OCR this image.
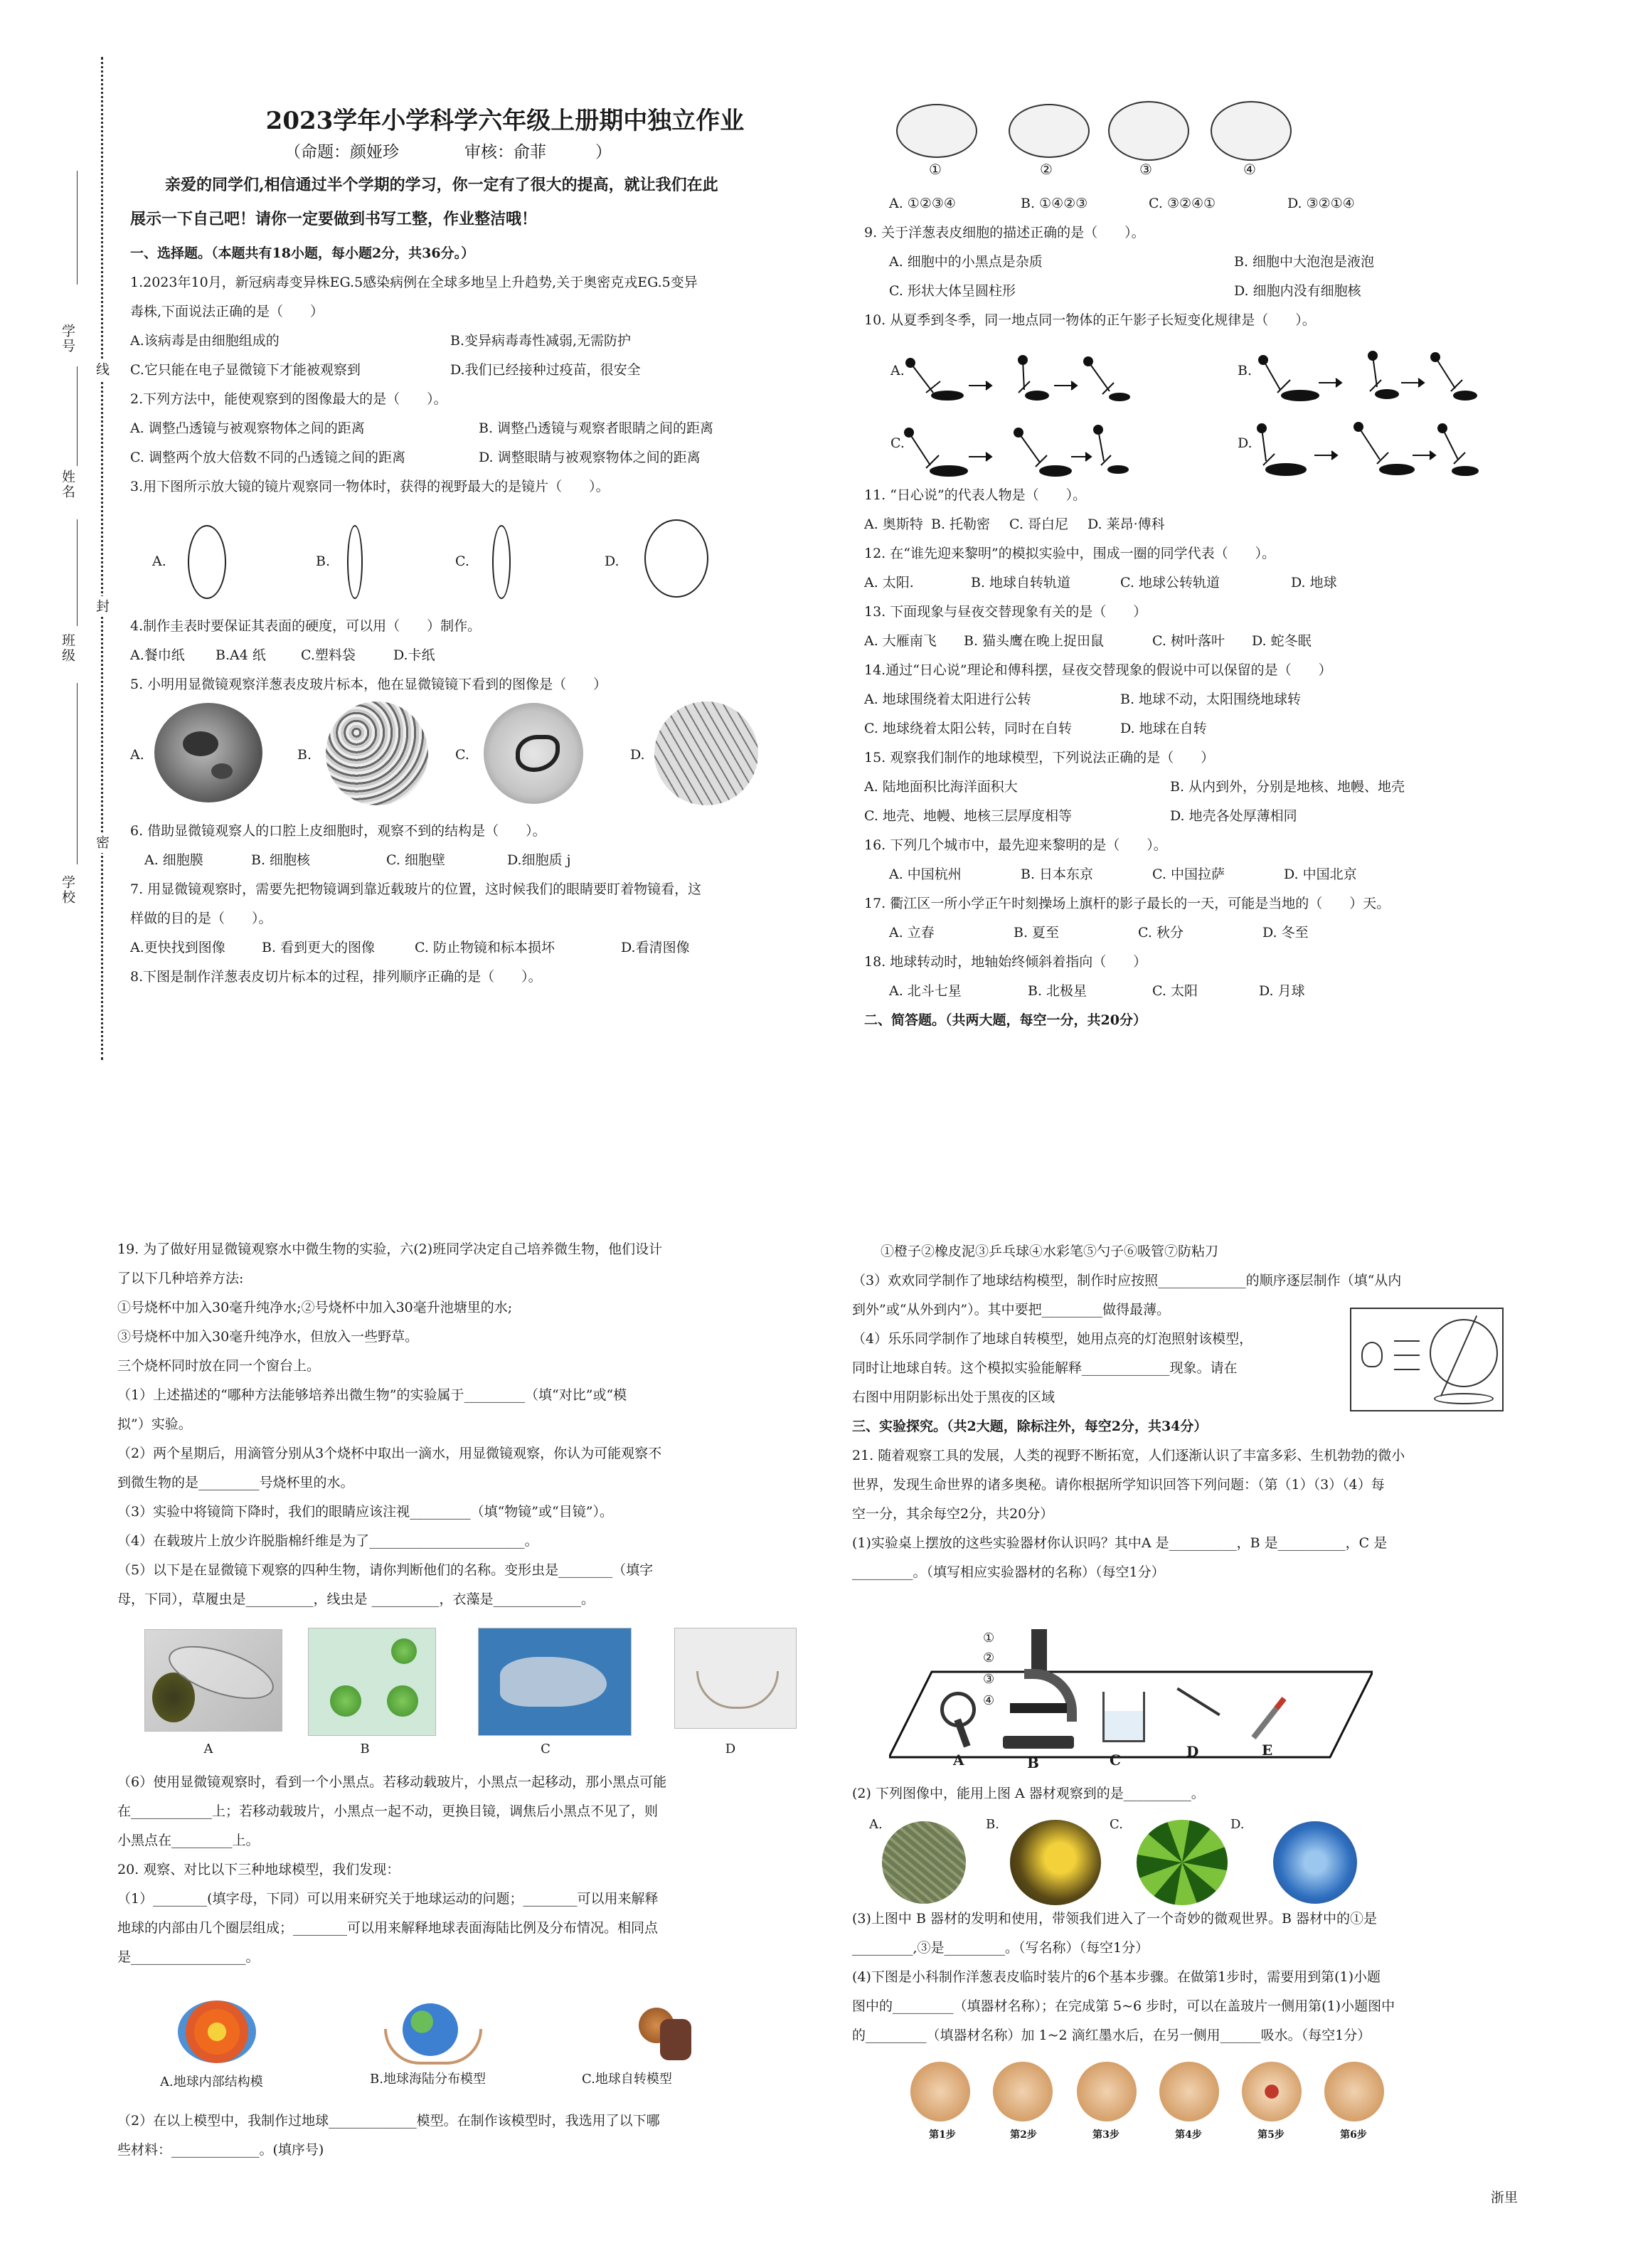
线
封
密
学号
姓名
班级
学校
2023学年小学科学六年级上册期中独立作业
（命题：颜娅珍　　　　审核：俞菲　　　）
亲爱的同学们,相信通过半个学期的学习，你一定有了很大的提高，就让我们在此
展示一下自己吧！请你一定要做到书写工整，作业整洁哦！
一、选择题。（本题共有18小题，每小题2分，共36分。）
1.2023年10月，新冠病毒变异株EG.5感染病例在全球多地呈上升趋势,关于奥密克戎EG.5变异
毒株,下面说法正确的是（　　）
A.该病毒是由细胞组成的	B.变异病毒毒性减弱,无需防护
C.它只能在电子显微镜下才能被观察到	D.我们已经接种过疫苗，很安全
2.下列方法中，能使观察到的图像最大的是（　　）。
A. 调整凸透镜与被观察物体之间的距离	B. 调整凸透镜与观察者眼睛之间的距离
C. 调整两个放大倍数不同的凸透镜之间的距离	D. 调整眼睛与被观察物体之间的距离
3.用下图所示放大镜的镜片观察同一物体时，获得的视野最大的是镜片（　　）。
A.	B.	C.	D.
4.制作圭表时要保证其表面的硬度，可以用（　　）制作。
A.餐巾纸 B.A4 纸	C.塑料袋	D.卡纸
5. 小明用显微镜观察洋葱表皮玻片标本，他在显微镜镜下看到的图像是（　　）
A.	B.	C.	D.
6. 借助显微镜观察人的口腔上皮细胞时，观察不到的结构是（　　）。
A. 细胞膜	B. 细胞核	C. 细胞壁	D.细胞质 j
7. 用显微镜观察时，需要先把物镜调到靠近载玻片的位置，这时候我们的眼睛要盯着物镜看，这
样做的目的是（　　）。
A.更快找到图像	B. 看到更大的图像	C. 防止物镜和标本损坏	D.看清图像
8.下图是制作洋葱表皮切片标本的过程，排列顺序正确的是（　　）。
①	②	③	④
A. ①②③④	B. ①④②③	C. ③②④①	D. ③②①④
9. 关于洋葱表皮细胞的描述正确的是（　　）。
A. 细胞中的小黑点是杂质	B. 细胞中大泡泡是液泡
C. 形状大体呈圆柱形	D. 细胞内没有细胞核
10. 从夏季到冬季，同一地点同一物体的正午影子长短变化规律是（　　）。
A.	B.
C.	D.
11. “日心说”的代表人物是（　　）。
A. 奥斯特 B. 托勒密 C. 哥白尼 D. 莱昂·傅科
12. 在“谁先迎来黎明”的模拟实验中，围成一圈的同学代表（　　）。
A. 太阳.	B. 地球自转轨道	C. 地球公转轨道	D. 地球
13. 下面现象与昼夜交替现象有关的是（　　）
A. 大雁南飞 B. 猫头鹰在晚上捉田鼠	C. 树叶落叶 D. 蛇冬眠
14.通过“日心说”理论和傅科摆，昼夜交替现象的假说中可以保留的是（　　）
A. 地球围绕着太阳进行公转	B. 地球不动，太阳围绕地球转
C. 地球绕着太阳公转，同时在自转	D. 地球在自转
15. 观察我们制作的地球模型，下列说法正确的是（　　）
A. 陆地面积比海洋面积大	B. 从内到外，分别是地核、地幔、地壳
C. 地壳、地幔、地核三层厚度相等	D. 地壳各处厚薄相同
16. 下列几个城市中，最先迎来黎明的是（　　）。
A. 中国杭州	B. 日本东京	C. 中国拉萨	D. 中国北京
17. 衢江区一所小学正午时刻操场上旗杆的影子最长的一天，可能是当地的（　　）天。
A. 立春	B. 夏至	C. 秋分	D. 冬至
18. 地球转动时，地轴始终倾斜着指向（　　）
A. 北斗七星	B. 北极星	C. 太阳	D. 月球
二、简答题。（共两大题，每空一分，共20分）
19. 为了做好用显微镜观察水中微生物的实验，六(2)班同学决定自己培养微生物，他们设计
了以下几种培养方法:
①号烧杯中加入30毫升纯净水;②号烧杯中加入30毫升池塘里的水;
③号烧杯中加入30毫升纯净水，但放入一些野草。
三个烧杯同时放在同一个窗台上。
（1）上述描述的“哪种方法能够培养出微生物”的实验属于_________（填“对比”或“模
拟”）实验。
（2）两个星期后，用滴管分别从3个烧杯中取出一滴水，用显微镜观察，你认为可能观察不
到微生物的是_________号烧杯里的水。
（3）实验中将镜筒下降时，我们的眼睛应该注视_________（填“物镜”或“目镜”）。
（4）在载玻片上放少许脱脂棉纤维是为了_______________________。
（5）以下是在显微镜下观察的四种生物，请你判断他们的名称。变形虫是________（填字
母，下同），草履虫是__________，线虫是 __________，衣藻是_____________。
A	B	C	D
（6）使用显微镜观察时，看到一个小黑点。若移动载玻片，小黑点一起移动，那小黑点可能
在____________上；若移动载玻片，小黑点一起不动，更换目镜，调焦后小黑点不见了，则
小黑点在_________上。
20. 观察、对比以下三种地球模型，我们发现：
（1）________(填字母，下同）可以用来研究关于地球运动的问题；________可以用来解释
地球的内部由几个圈层组成；________可以用来解释地球表面海陆比例及分布情况。相同点
是_________________。
A.地球内部结构模	B.地球海陆分布模型	C.地球自转模型
（2）在以上模型中，我制作过地球_____________模型。在制作该模型时，我选用了以下哪
些材料：_____________。(填序号)
①橙子②橡皮泥③乒乓球④水彩笔⑤勺子⑥吸管⑦防粘刀
（3）欢欢同学制作了地球结构模型，制作时应按照_____________的顺序逐层制作（填“从内
到外”或“从外到内”）。其中要把_________做得最薄。
（4）乐乐同学制作了地球自转模型，她用点亮的灯泡照射该模型，
同时让地球自转。这个模拟实验能解释_____________现象。请在
右图中用阴影标出处于黑夜的区域
三、实验探究。（共2大题，除标注外，每空2分，共34分）
21. 随着观察工具的发展，人类的视野不断拓宽，人们逐渐认识了丰富多彩、生机勃勃的微小
世界，发现生命世界的诸多奥秘。请你根据所学知识回答下列问题：（第（1）（3）（4）每
空一分，其余每空2分，共20分）
(1)实验桌上摆放的这些实验器材你认识吗？其中A 是__________，B 是__________，C 是
_________。（填写相应实验器材的名称）（每空1分）
①
②
③
④
A	B	C	D	E
(2) 下列图像中，能用上图 A 器材观察到的是__________。
A.	B.	C.	D.
(3)上图中 B 器材的发明和使用，带领我们进入了一个奇妙的微观世界。B 器材中的①是
_________,③是_________。（写名称）（每空1分）
(4)下图是小科制作洋葱表皮临时装片的6个基本步骤。在做第1步时，需要用到第(1)小题
图中的_________（填器材名称）；在完成第 5~6 步时，可以在盖玻片一侧用第(1)小题图中
的_________（填器材名称）加 1~2 滴红墨水后，在另一侧用______吸水。（每空1分）
第1步	第2步	第3步	第4步	第5步	第6步
浙里
